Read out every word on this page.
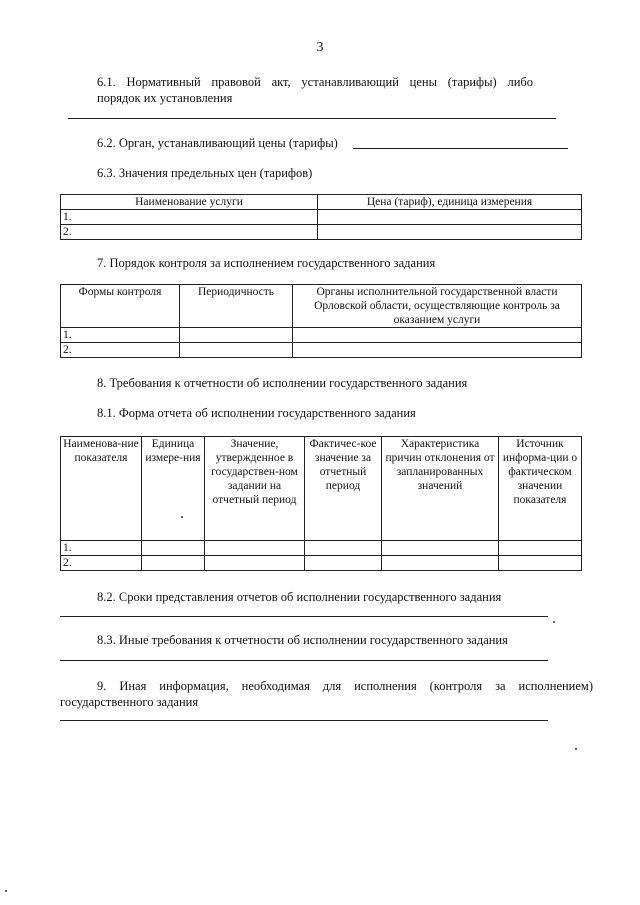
3
6.1. Нормативный правовой акт, устанавливающий цены (тарифы) либо
порядок их установления
6.2. Орган, устанавливающий цены (тарифы)
6.3. Значения предельных цен (тарифов)
Наименование услуги	Цена (тариф), единица измерения
1.	
2.	
7. Порядок контроля за исполнением государственного задания
Формы контроля	Периодичность	Органы исполнительной государственной власти Орловской области, осуществляющие контроль за оказанием услуги
1.		
2.		
8. Требования к отчетности об исполнении государственного задания
8.1. Форма отчета об исполнении государственного задания
Наименова-ние показателя	Единица измере-ния	Значение, утвержденное в государствен-ном задании на отчетный период	Фактичес-кое значение за отчетный период	Характеристика причин отклонения от запланированных значений	Источник информа-ции о фактическом значении показателя
1.					
2.					
8.2. Сроки представления отчетов об исполнении государственного задания
8.3. Иные требования к отчетности об исполнении государственного задания
9. Иная информация, необходимая для исполнения (контроля за исполнением)
государственного задания
